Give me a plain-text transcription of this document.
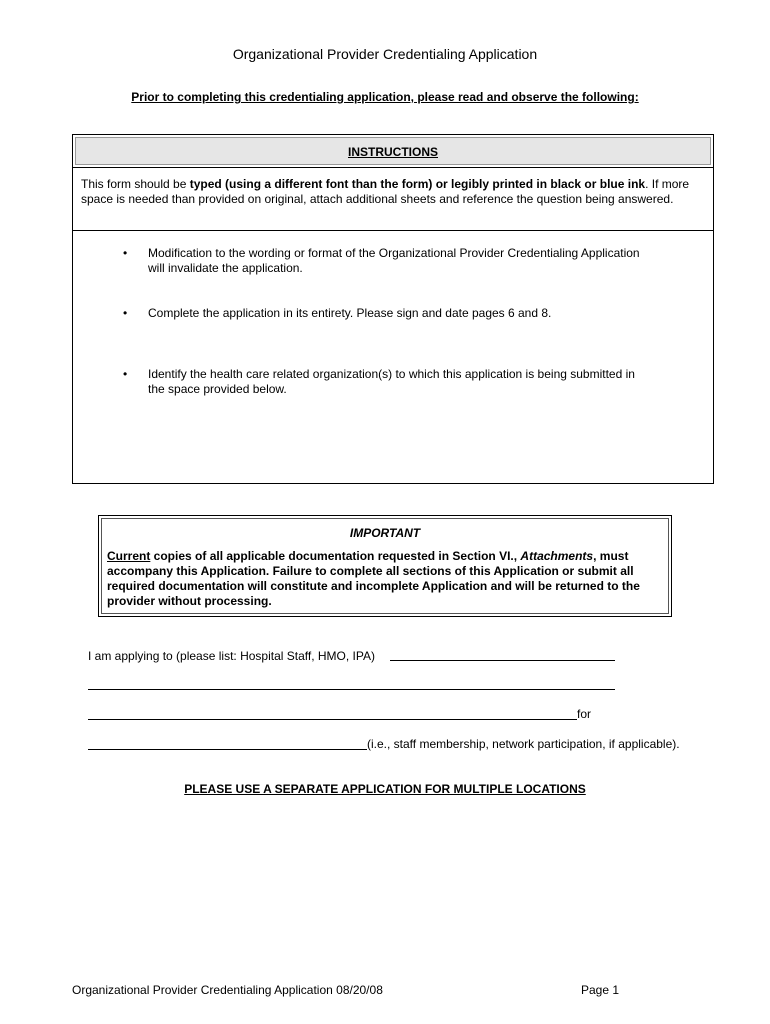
Organizational Provider Credentialing Application
Prior to completing this credentialing application, please read and observe the following:
INSTRUCTIONS
This form should be typed (using a different font than the form) or legibly printed in black or blue ink. If more space is needed than provided on original, attach additional sheets and reference the question being answered.
•	Modification to the wording or format of the Organizational Provider Credentialing Application will invalidate the application.
•	Complete the application in its entirety. Please sign and date pages 6 and 8.
•	Identify the health care related organization(s) to which this application is being submitted in the space provided below.
IMPORTANT
Current copies of all applicable documentation requested in Section VI., Attachments, must accompany this Application. Failure to complete all sections of this Application or submit all required documentation will constitute and incomplete Application and will be returned to the provider without processing.
I am applying to (please list: Hospital Staff, HMO, IPA)
for
(i.e., staff membership, network participation, if applicable).
PLEASE USE A SEPARATE APPLICATION FOR MULTIPLE LOCATIONS
Organizational Provider Credentialing Application 08/20/08	Page 1
